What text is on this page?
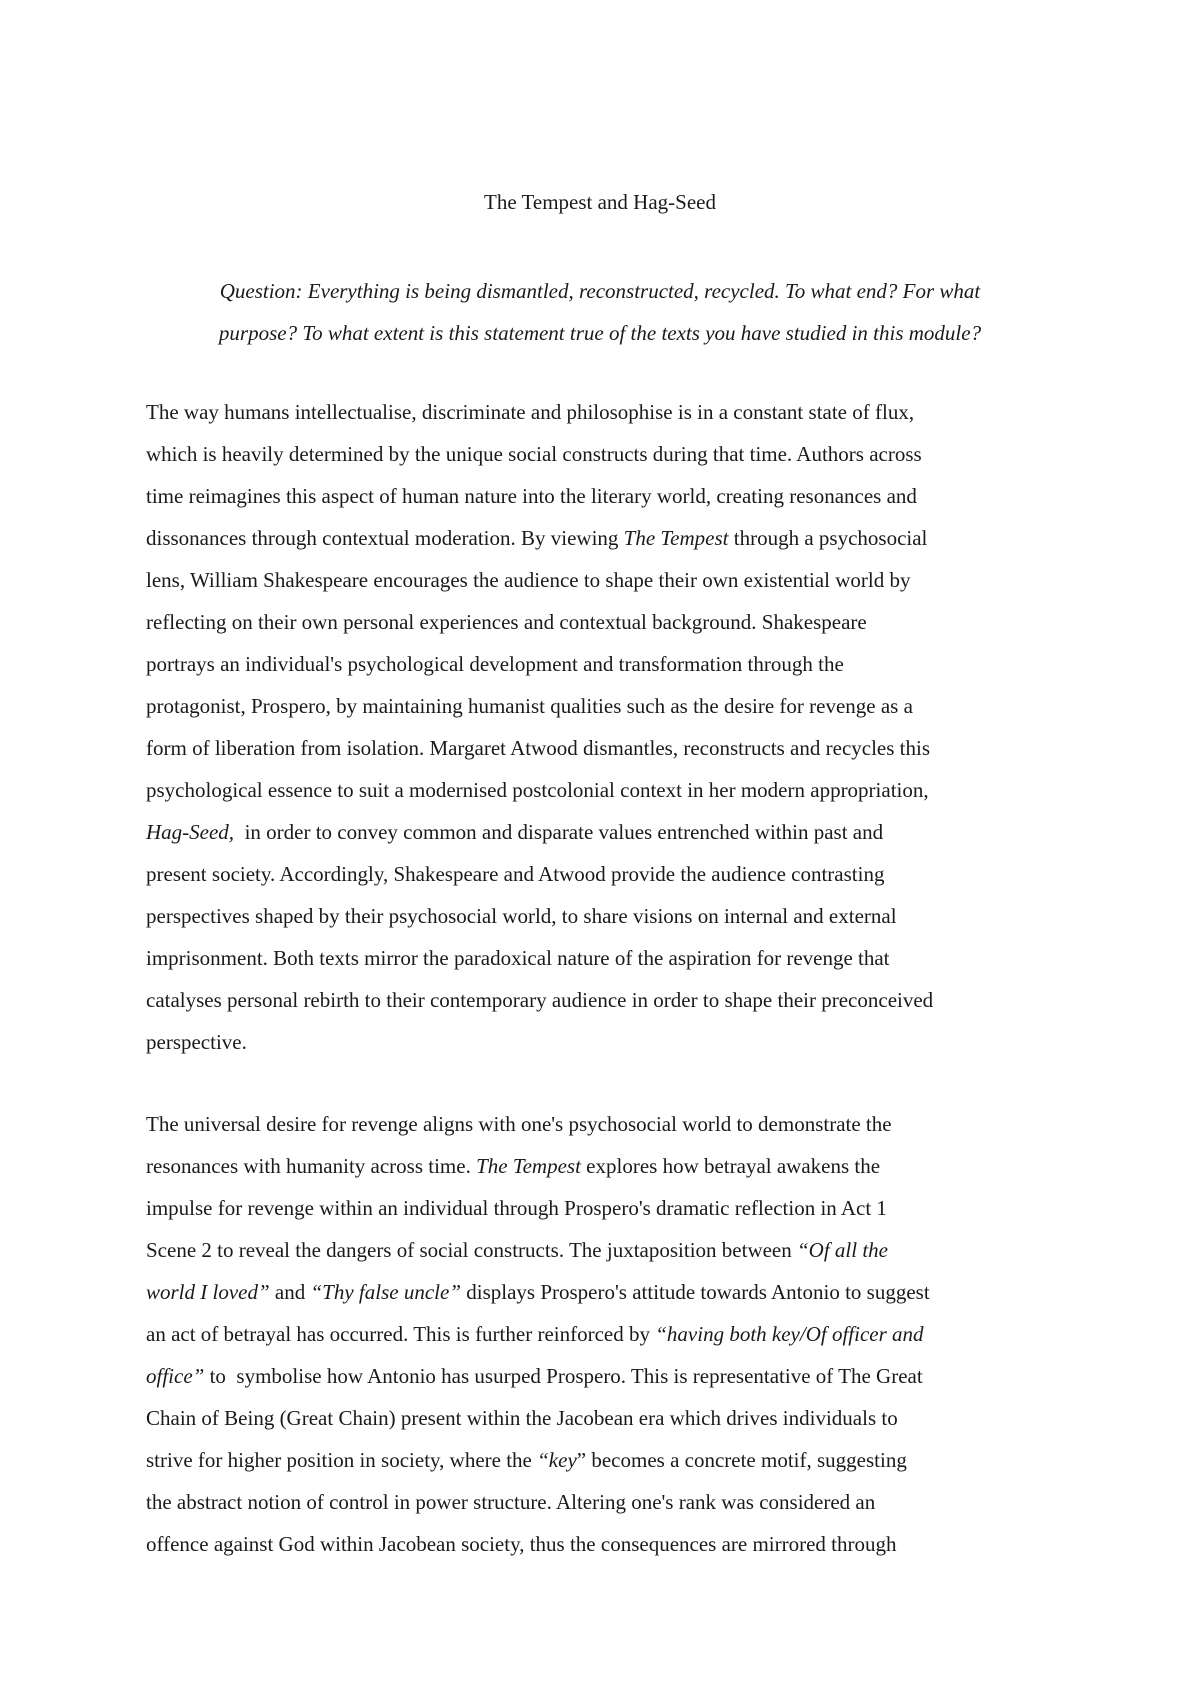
The Tempest and Hag-Seed
Question: Everything is being dismantled, reconstructed, recycled. To what end? For what
purpose? To what extent is this statement true of the texts you have studied in this module?
The way humans intellectualise, discriminate and philosophise is in a constant state of flux,
which is heavily determined by the unique social constructs during that time. Authors across
time reimagines this aspect of human nature into the literary world, creating resonances and
dissonances through contextual moderation. By viewing The Tempest through a psychosocial
lens, William Shakespeare encourages the audience to shape their own existential world by
reflecting on their own personal experiences and contextual background. Shakespeare
portrays an individual's psychological development and transformation through the
protagonist, Prospero, by maintaining humanist qualities such as the desire for revenge as a
form of liberation from isolation. Margaret Atwood dismantles, reconstructs and recycles this
psychological essence to suit a modernised postcolonial context in her modern appropriation,
Hag-Seed,  in order to convey common and disparate values entrenched within past and
present society. Accordingly, Shakespeare and Atwood provide the audience contrasting
perspectives shaped by their psychosocial world, to share visions on internal and external
imprisonment. Both texts mirror the paradoxical nature of the aspiration for revenge that
catalyses personal rebirth to their contemporary audience in order to shape their preconceived
perspective.
The universal desire for revenge aligns with one's psychosocial world to demonstrate the
resonances with humanity across time. The Tempest explores how betrayal awakens the
impulse for revenge within an individual through Prospero's dramatic reflection in Act 1
Scene 2 to reveal the dangers of social constructs. The juxtaposition between “Of all the
world I loved” and “Thy false uncle” displays Prospero's attitude towards Antonio to suggest
an act of betrayal has occurred. This is further reinforced by “having both key/Of officer and
office” to  symbolise how Antonio has usurped Prospero. This is representative of The Great
Chain of Being (Great Chain) present within the Jacobean era which drives individuals to
strive for higher position in society, where the “key” becomes a concrete motif, suggesting
the abstract notion of control in power structure. Altering one's rank was considered an
offence against God within Jacobean society, thus the consequences are mirrored through
